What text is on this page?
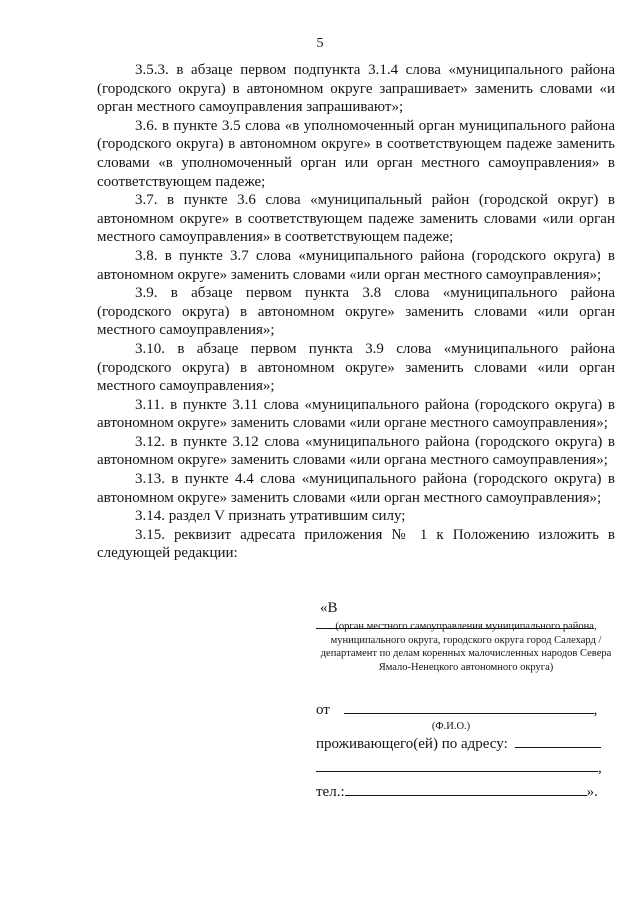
5

3.5.3. в абзаце первом подпункта 3.1.4 слова «муниципального района (городского округа) в автономном округе запрашивает» заменить словами «и орган местного самоуправления запрашивают»;

3.6. в пункте 3.5 слова «в уполномоченный орган муниципального района (городского округа) в автономном округе» в соответствующем падеже заменить словами «в уполномоченный орган или орган местного самоуправления» в соответствующем падеже;

3.7. в пункте 3.6 слова «муниципальный район (городской округ) в автономном округе» в соответствующем падеже заменить словами «или орган местного самоуправления» в соответствующем падеже;

3.8. в пункте 3.7 слова «муниципального района (городского округа) в автономном округе» заменить словами «или орган местного самоуправления»;

3.9. в абзаце первом пункта 3.8 слова «муниципального района (городского округа) в автономном округе» заменить словами «или орган местного самоуправления»;

3.10. в абзаце первом пункта 3.9 слова «муниципального района (городского округа) в автономном округе» заменить словами «или орган местного самоуправления»;

3.11. в пункте 3.11 слова «муниципального района (городского округа) в автономном округе» заменить словами «или органе местного самоуправления»;

3.12. в пункте 3.12 слова «муниципального района (городского округа) в автономном округе» заменить словами «или органа местного самоуправления»;

3.13. в пункте 4.4 слова «муниципального района (городского округа) в автономном округе» заменить словами «или орган местного самоуправления»;

3.14. раздел V признать утратившим силу;

3.15. реквизит адресата приложения № 1 к Положению изложить в следующей редакции:

«В
(орган местного самоуправления муниципального района, муниципального округа, городского округа город Салехард / департамент по делам коренных малочисленных народов Севера Ямало-Ненецкого автономного округа)
от	,
(Ф.И.О.)
проживающего(ей) по адресу:
,
тел.:	».
